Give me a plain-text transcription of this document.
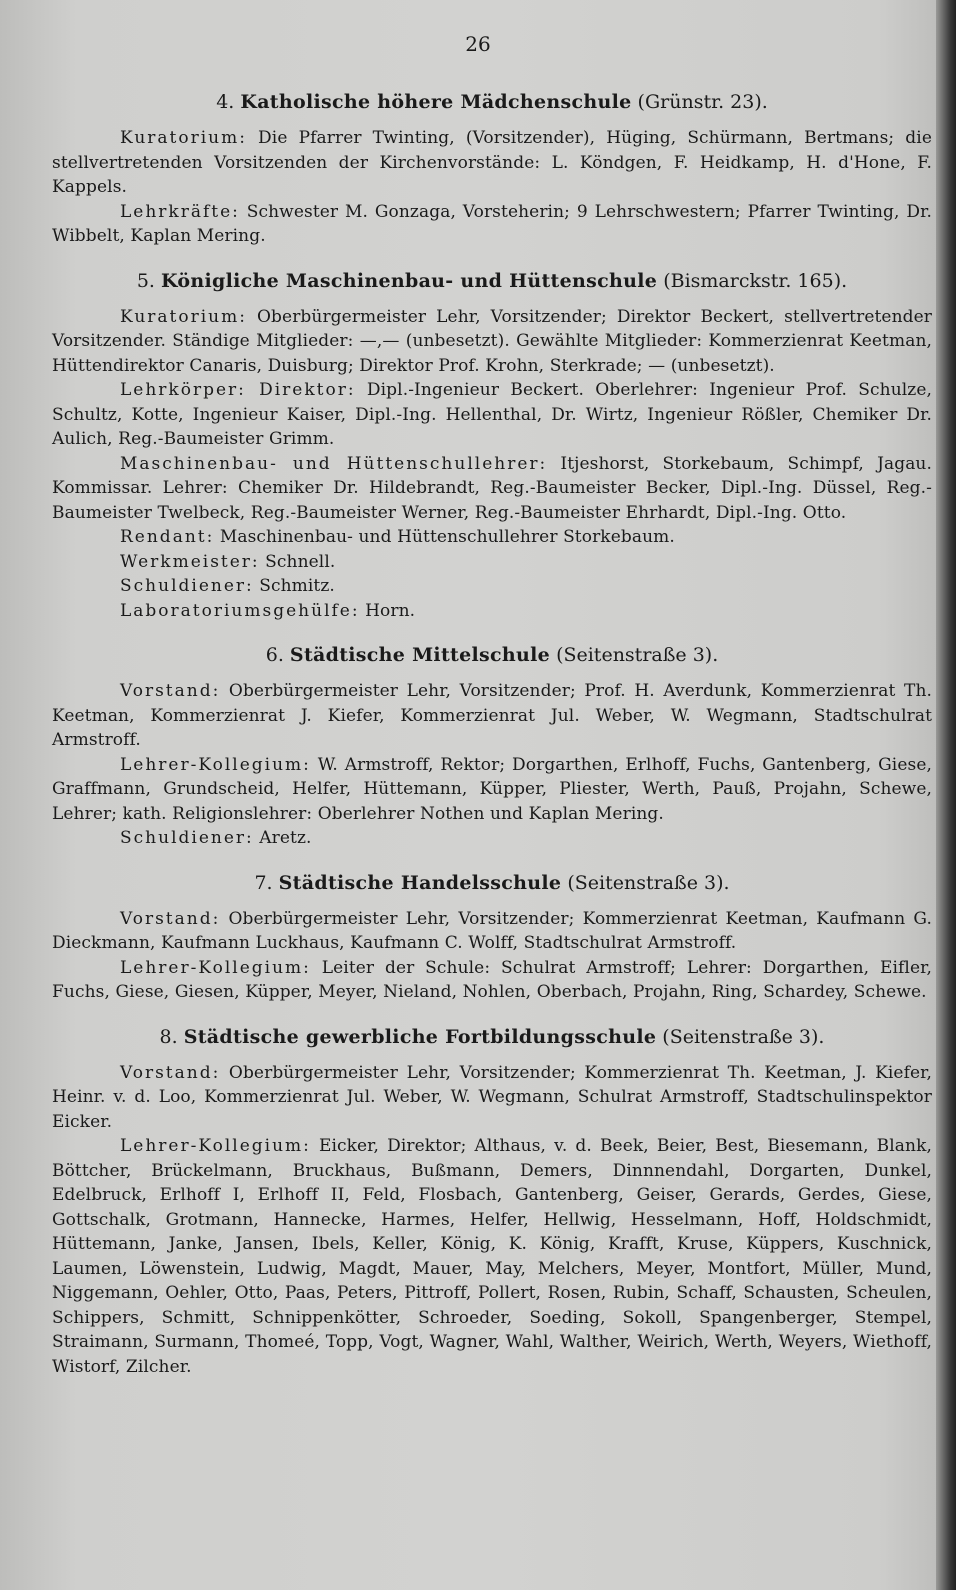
26
4. Katholische höhere Mädchenschule (Grünstr. 23).

Kuratorium: Die Pfarrer Twinting, (Vorsitzender), Hüging, Schürmann, Bertmans; die stellvertretenden Vorsitzenden der Kirchenvorstände: L. Köndgen, F. Heidkamp, H. d'Hone, F. Kappels.

Lehrkräfte: Schwester M. Gonzaga, Vorsteherin; 9 Lehrschwestern; Pfarrer Twinting, Dr. Wibbelt, Kaplan Mering.

5. Königliche Maschinenbau- und Hüttenschule (Bismarckstr. 165).

Kuratorium: Oberbürgermeister Lehr, Vorsitzender; Direktor Beckert, stellvertretender Vorsitzender. Ständige Mitglieder: —,— (unbesetzt). Gewählte Mitglieder: Kommerzienrat Keetman, Hüttendirektor Canaris, Duisburg; Direktor Prof. Krohn, Sterkrade; — (unbesetzt).

Lehrkörper: Direktor: Dipl.-Ingenieur Beckert. Oberlehrer: Ingenieur Prof. Schulze, Schultz, Kotte, Ingenieur Kaiser, Dipl.-Ing. Hellenthal, Dr. Wirtz, Ingenieur Rößler, Chemiker Dr. Aulich, Reg.-Baumeister Grimm.

Maschinenbau- und Hüttenschullehrer: Itjeshorst, Storkebaum, Schimpf, Jagau. Kommissar. Lehrer: Chemiker Dr. Hildebrandt, Reg.-Baumeister Becker, Dipl.-Ing. Düssel, Reg.-Baumeister Twelbeck, Reg.-Baumeister Werner, Reg.-Baumeister Ehrhardt, Dipl.-Ing. Otto.

Rendant: Maschinenbau- und Hüttenschullehrer Storkebaum.

Werkmeister: Schnell.

Schuldiener: Schmitz.

Laboratoriumsgehülfe: Horn.

6. Städtische Mittelschule (Seitenstraße 3).

Vorstand: Oberbürgermeister Lehr, Vorsitzender; Prof. H. Averdunk, Kommerzienrat Th. Keetman, Kommerzienrat J. Kiefer, Kommerzienrat Jul. Weber, W. Wegmann, Stadtschulrat Armstroff.

Lehrer-Kollegium: W. Armstroff, Rektor; Dorgarthen, Erlhoff, Fuchs, Gantenberg, Giese, Graffmann, Grundscheid, Helfer, Hüttemann, Küpper, Pliester, Werth, Pauß, Projahn, Schewe, Lehrer; kath. Religionslehrer: Oberlehrer Nothen und Kaplan Mering.

Schuldiener: Aretz.

7. Städtische Handelsschule (Seitenstraße 3).

Vorstand: Oberbürgermeister Lehr, Vorsitzender; Kommerzienrat Keetman, Kaufmann G. Dieckmann, Kaufmann Luckhaus, Kaufmann C. Wolff, Stadtschulrat Armstroff.

Lehrer-Kollegium: Leiter der Schule: Schulrat Armstroff; Lehrer: Dorgarthen, Eifler, Fuchs, Giese, Giesen, Küpper, Meyer, Nieland, Nohlen, Oberbach, Projahn, Ring, Schardey, Schewe.

8. Städtische gewerbliche Fortbildungsschule (Seitenstraße 3).

Vorstand: Oberbürgermeister Lehr, Vorsitzender; Kommerzienrat Th. Keetman, J. Kiefer, Heinr. v. d. Loo, Kommerzienrat Jul. Weber, W. Wegmann, Schulrat Armstroff, Stadtschulinspektor Eicker.

Lehrer-Kollegium: Eicker, Direktor; Althaus, v. d. Beek, Beier, Best, Biesemann, Blank, Böttcher, Brückelmann, Bruckhaus, Bußmann, Demers, Dinnnendahl, Dorgarten, Dunkel, Edelbruck, Erlhoff I, Erlhoff II, Feld, Flosbach, Gantenberg, Geiser, Gerards, Gerdes, Giese, Gottschalk, Grotmann, Hannecke, Harmes, Helfer, Hellwig, Hesselmann, Hoff, Holdschmidt, Hüttemann, Janke, Jansen, Ibels, Keller, König, K. König, Krafft, Kruse, Küppers, Kuschnick, Laumen, Löwenstein, Ludwig, Magdt, Mauer, May, Melchers, Meyer, Montfort, Müller, Mund, Niggemann, Oehler, Otto, Paas, Peters, Pittroff, Pollert, Rosen, Rubin, Schaff, Schausten, Scheulen, Schippers, Schmitt, Schnippenkötter, Schroeder, Soeding, Sokoll, Spangenberger, Stempel, Straimann, Surmann, Thomeé, Topp, Vogt, Wagner, Wahl, Walther, Weirich, Werth, Weyers, Wiethoff, Wistorf, Zilcher.
